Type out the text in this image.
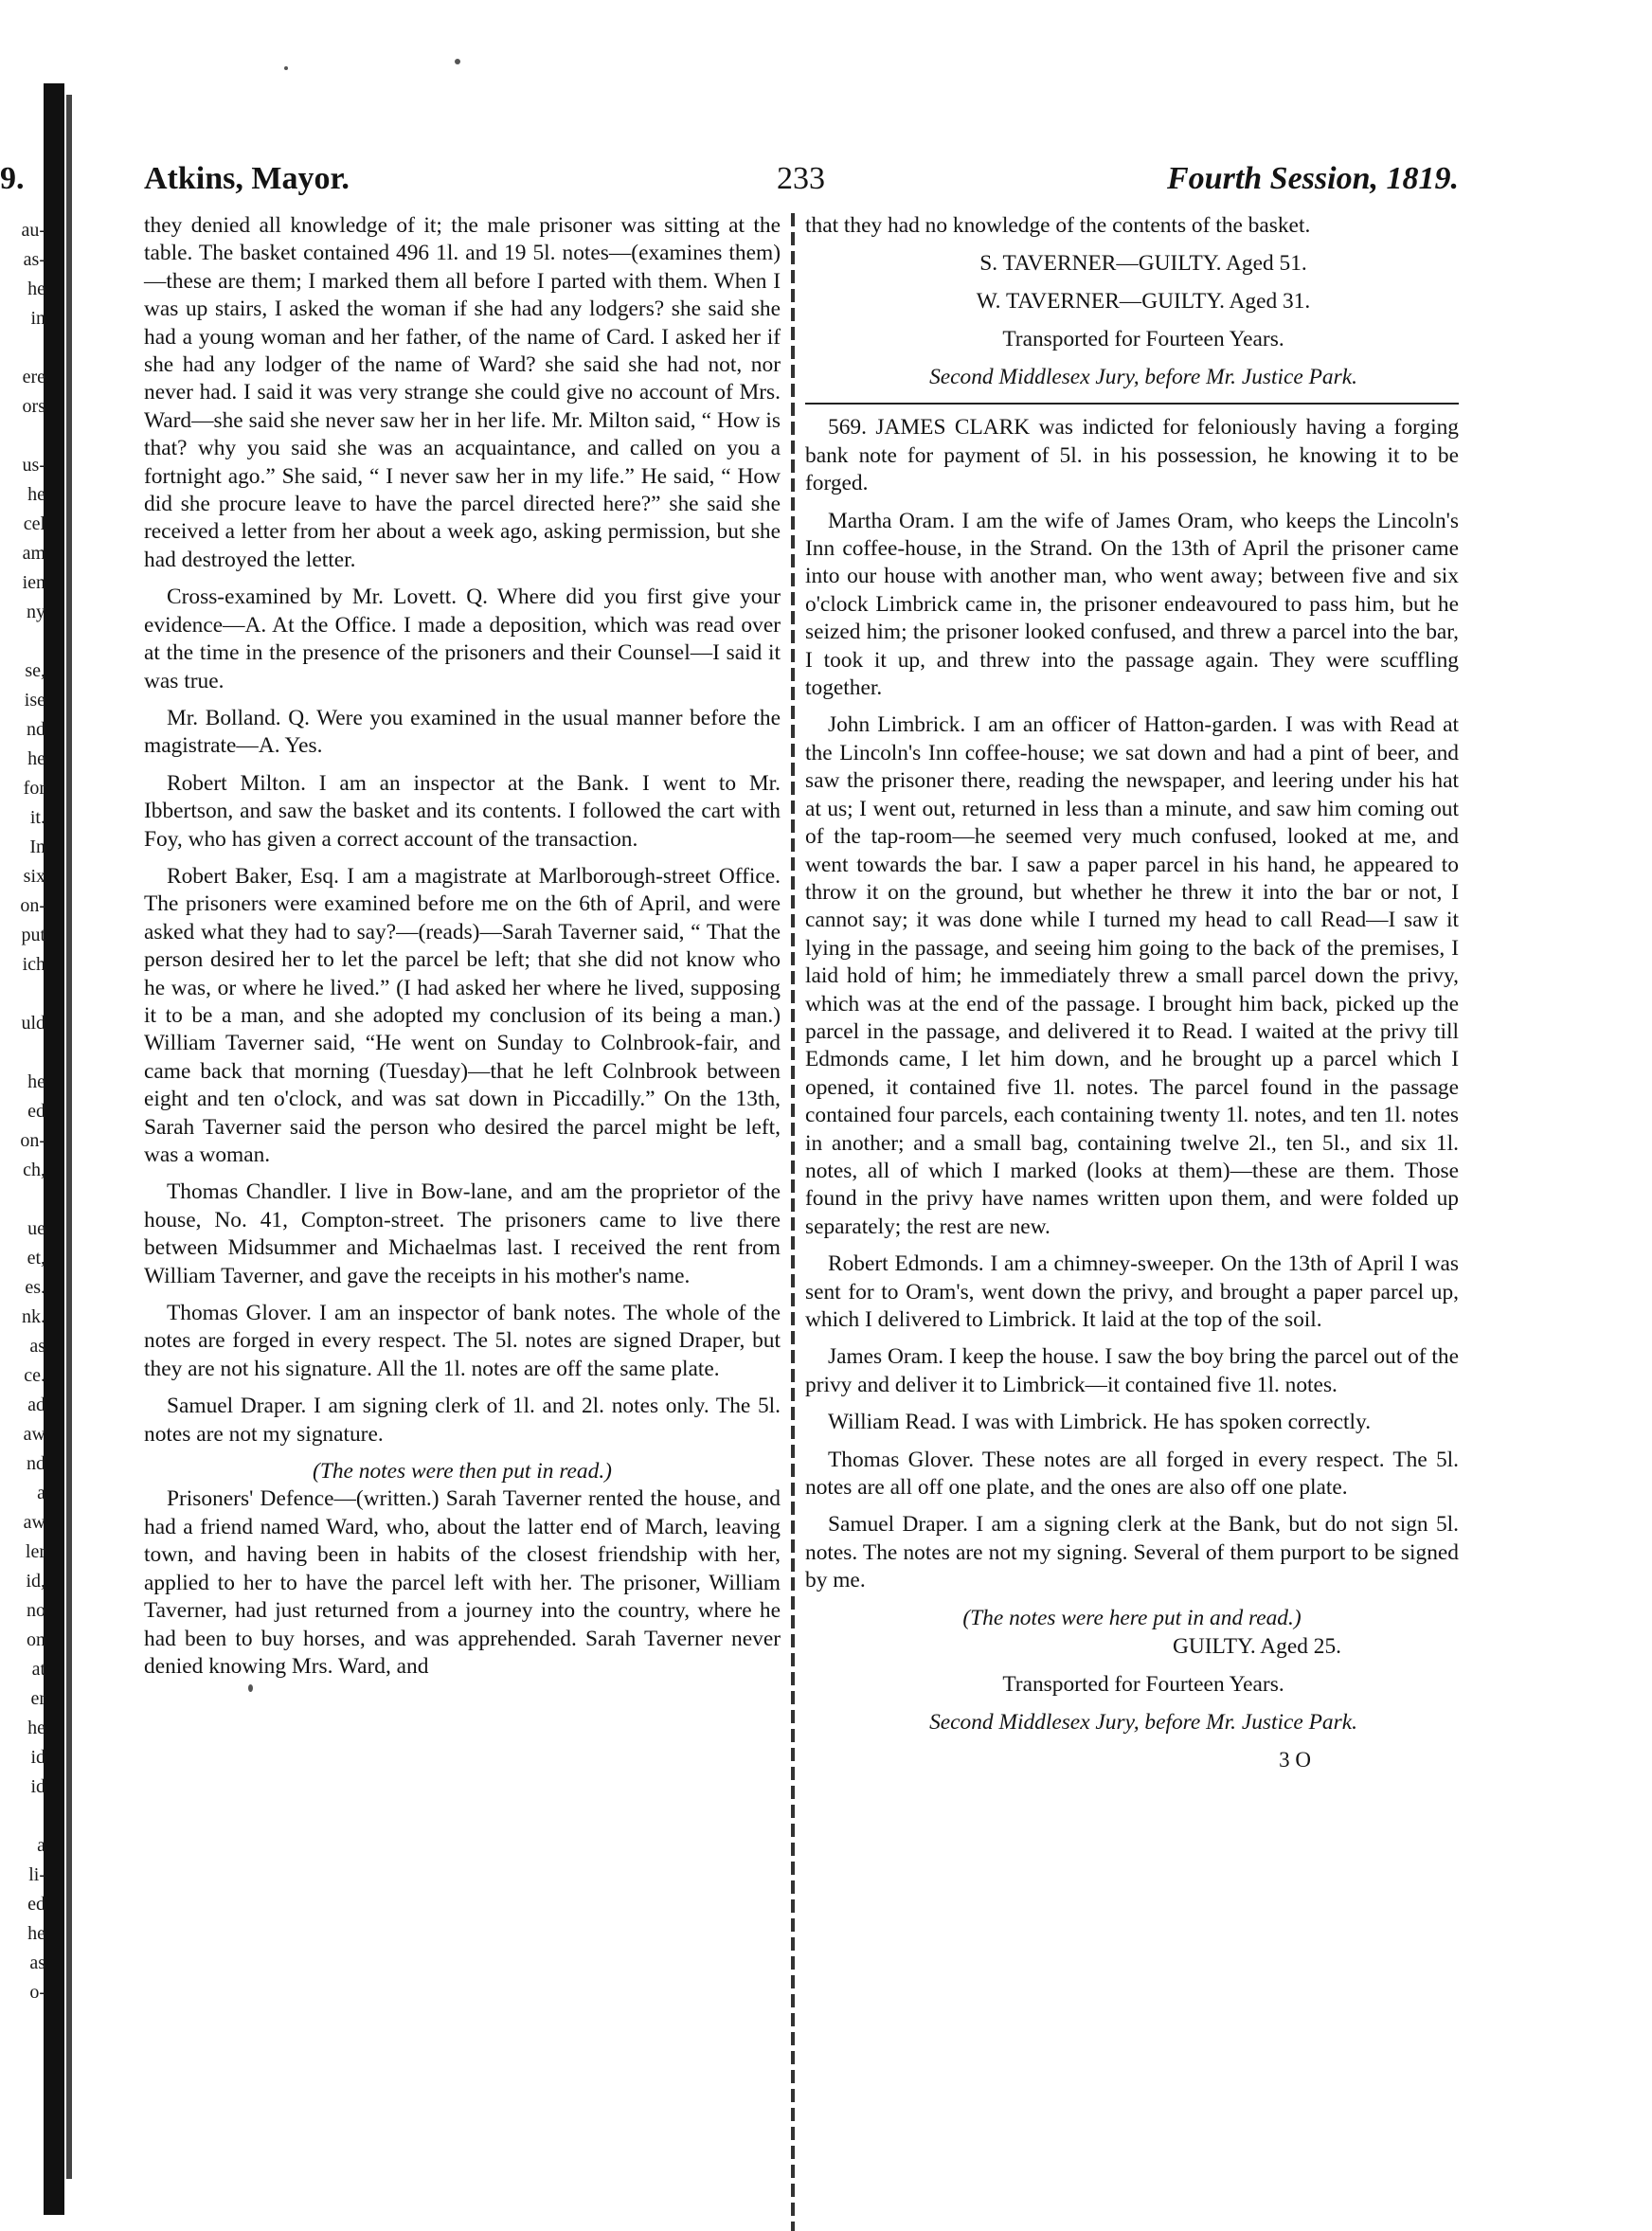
au-
as-
he
in
ere
ors
us-
he
cel
am
ien
ny
se,
ise
nd
he
for
it.
In
six
on-
put
ich
uld
he
ed
on-
ch,
ue
et,
es.
nk.
as
ce.
ad
aw
nd
a
aw
ler
id,
no
on
at
er
he
id
id
a
li-
ed
he
as
o-
9.	Atkins, Mayor.	233	Fourth Session, 1819.

they denied all knowledge of it; the male prisoner was sitting at the table. The basket contained 496 1l. and 19 5l. notes—(examines them)—these are them; I marked them all before I parted with them. When I was up stairs, I asked the woman if she had any lodgers? she said she had a young woman and her father, of the name of Card. I asked her if she had any lodger of the name of Ward? she said she had not, nor never had. I said it was very strange she could give no account of Mrs. Ward—she said she never saw her in her life. Mr. Milton said, “ How is that? why you said she was an acquaintance, and called on you a fortnight ago.” She said, “ I never saw her in my life.” He said, “ How did she procure leave to have the parcel directed here?” she said she received a letter from her about a week ago, asking permission, but she had destroyed the letter.

Cross-examined by Mr. Lovett. Q. Where did you first give your evidence—A. At the Office. I made a deposition, which was read over at the time in the presence of the prisoners and their Counsel—I said it was true.

Mr. Bolland. Q. Were you examined in the usual manner before the magistrate—A. Yes.

Robert Milton. I am an inspector at the Bank. I went to Mr. Ibbertson, and saw the basket and its contents. I followed the cart with Foy, who has given a correct account of the transaction.

Robert Baker, Esq. I am a magistrate at Marlborough-street Office. The prisoners were examined before me on the 6th of April, and were asked what they had to say?—(reads)—Sarah Taverner said, “ That the person desired her to let the parcel be left; that she did not know who he was, or where he lived.” (I had asked her where he lived, supposing it to be a man, and she adopted my conclusion of its being a man.) William Taverner said, “He went on Sunday to Colnbrook-fair, and came back that morning (Tuesday)—that he left Colnbrook between eight and ten o'clock, and was sat down in Piccadilly.” On the 13th, Sarah Taverner said the person who desired the parcel might be left, was a woman.

Thomas Chandler. I live in Bow-lane, and am the proprietor of the house, No. 41, Compton-street. The prisoners came to live there between Midsummer and Michaelmas last. I received the rent from William Taverner, and gave the receipts in his mother's name.

Thomas Glover. I am an inspector of bank notes. The whole of the notes are forged in every respect. The 5l. notes are signed Draper, but they are not his signature. All the 1l. notes are off the same plate.

Samuel Draper. I am signing clerk of 1l. and 2l. notes only. The 5l. notes are not my signature.

(The notes were then put in read.)

Prisoners' Defence—(written.) Sarah Taverner rented the house, and had a friend named Ward, who, about the latter end of March, leaving town, and having been in habits of the closest friendship with her, applied to her to have the parcel left with her. The prisoner, William Taverner, had just returned from a journey into the country, where he had been to buy horses, and was apprehended. Sarah Taverner never denied knowing Mrs. Ward, and

that they had no knowledge of the contents of the basket.

S. TAVERNER—GUILTY. Aged 51.

W. TAVERNER—GUILTY. Aged 31.

Transported for Fourteen Years.

Second Middlesex Jury, before Mr. Justice Park.

569. JAMES CLARK was indicted for feloniously having a forging bank note for payment of 5l. in his possession, he knowing it to be forged.

Martha Oram. I am the wife of James Oram, who keeps the Lincoln's Inn coffee-house, in the Strand. On the 13th of April the prisoner came into our house with another man, who went away; between five and six o'clock Limbrick came in, the prisoner endeavoured to pass him, but he seized him; the prisoner looked confused, and threw a parcel into the bar, I took it up, and threw into the passage again. They were scuffling together.

John Limbrick. I am an officer of Hatton-garden. I was with Read at the Lincoln's Inn coffee-house; we sat down and had a pint of beer, and saw the prisoner there, reading the newspaper, and leering under his hat at us; I went out, returned in less than a minute, and saw him coming out of the tap-room—he seemed very much confused, looked at me, and went towards the bar. I saw a paper parcel in his hand, he appeared to throw it on the ground, but whether he threw it into the bar or not, I cannot say; it was done while I turned my head to call Read—I saw it lying in the passage, and seeing him going to the back of the premises, I laid hold of him; he immediately threw a small parcel down the privy, which was at the end of the passage. I brought him back, picked up the parcel in the passage, and delivered it to Read. I waited at the privy till Edmonds came, I let him down, and he brought up a parcel which I opened, it contained five 1l. notes. The parcel found in the passage contained four parcels, each containing twenty 1l. notes, and ten 1l. notes in another; and a small bag, containing twelve 2l., ten 5l., and six 1l. notes, all of which I marked (looks at them)—these are them. Those found in the privy have names written upon them, and were folded up separately; the rest are new.

Robert Edmonds. I am a chimney-sweeper. On the 13th of April I was sent for to Oram's, went down the privy, and brought a paper parcel up, which I delivered to Limbrick. It laid at the top of the soil.

James Oram. I keep the house. I saw the boy bring the parcel out of the privy and deliver it to Limbrick—it contained five 1l. notes.

William Read. I was with Limbrick. He has spoken correctly.

Thomas Glover. These notes are all forged in every respect. The 5l. notes are all off one plate, and the ones are also off one plate.

Samuel Draper. I am a signing clerk at the Bank, but do not sign 5l. notes. The notes are not my signing. Several of them purport to be signed by me.

(The notes were here put in and read.)

GUILTY. Aged 25.

Transported for Fourteen Years.

Second Middlesex Jury, before Mr. Justice Park.

3 O
